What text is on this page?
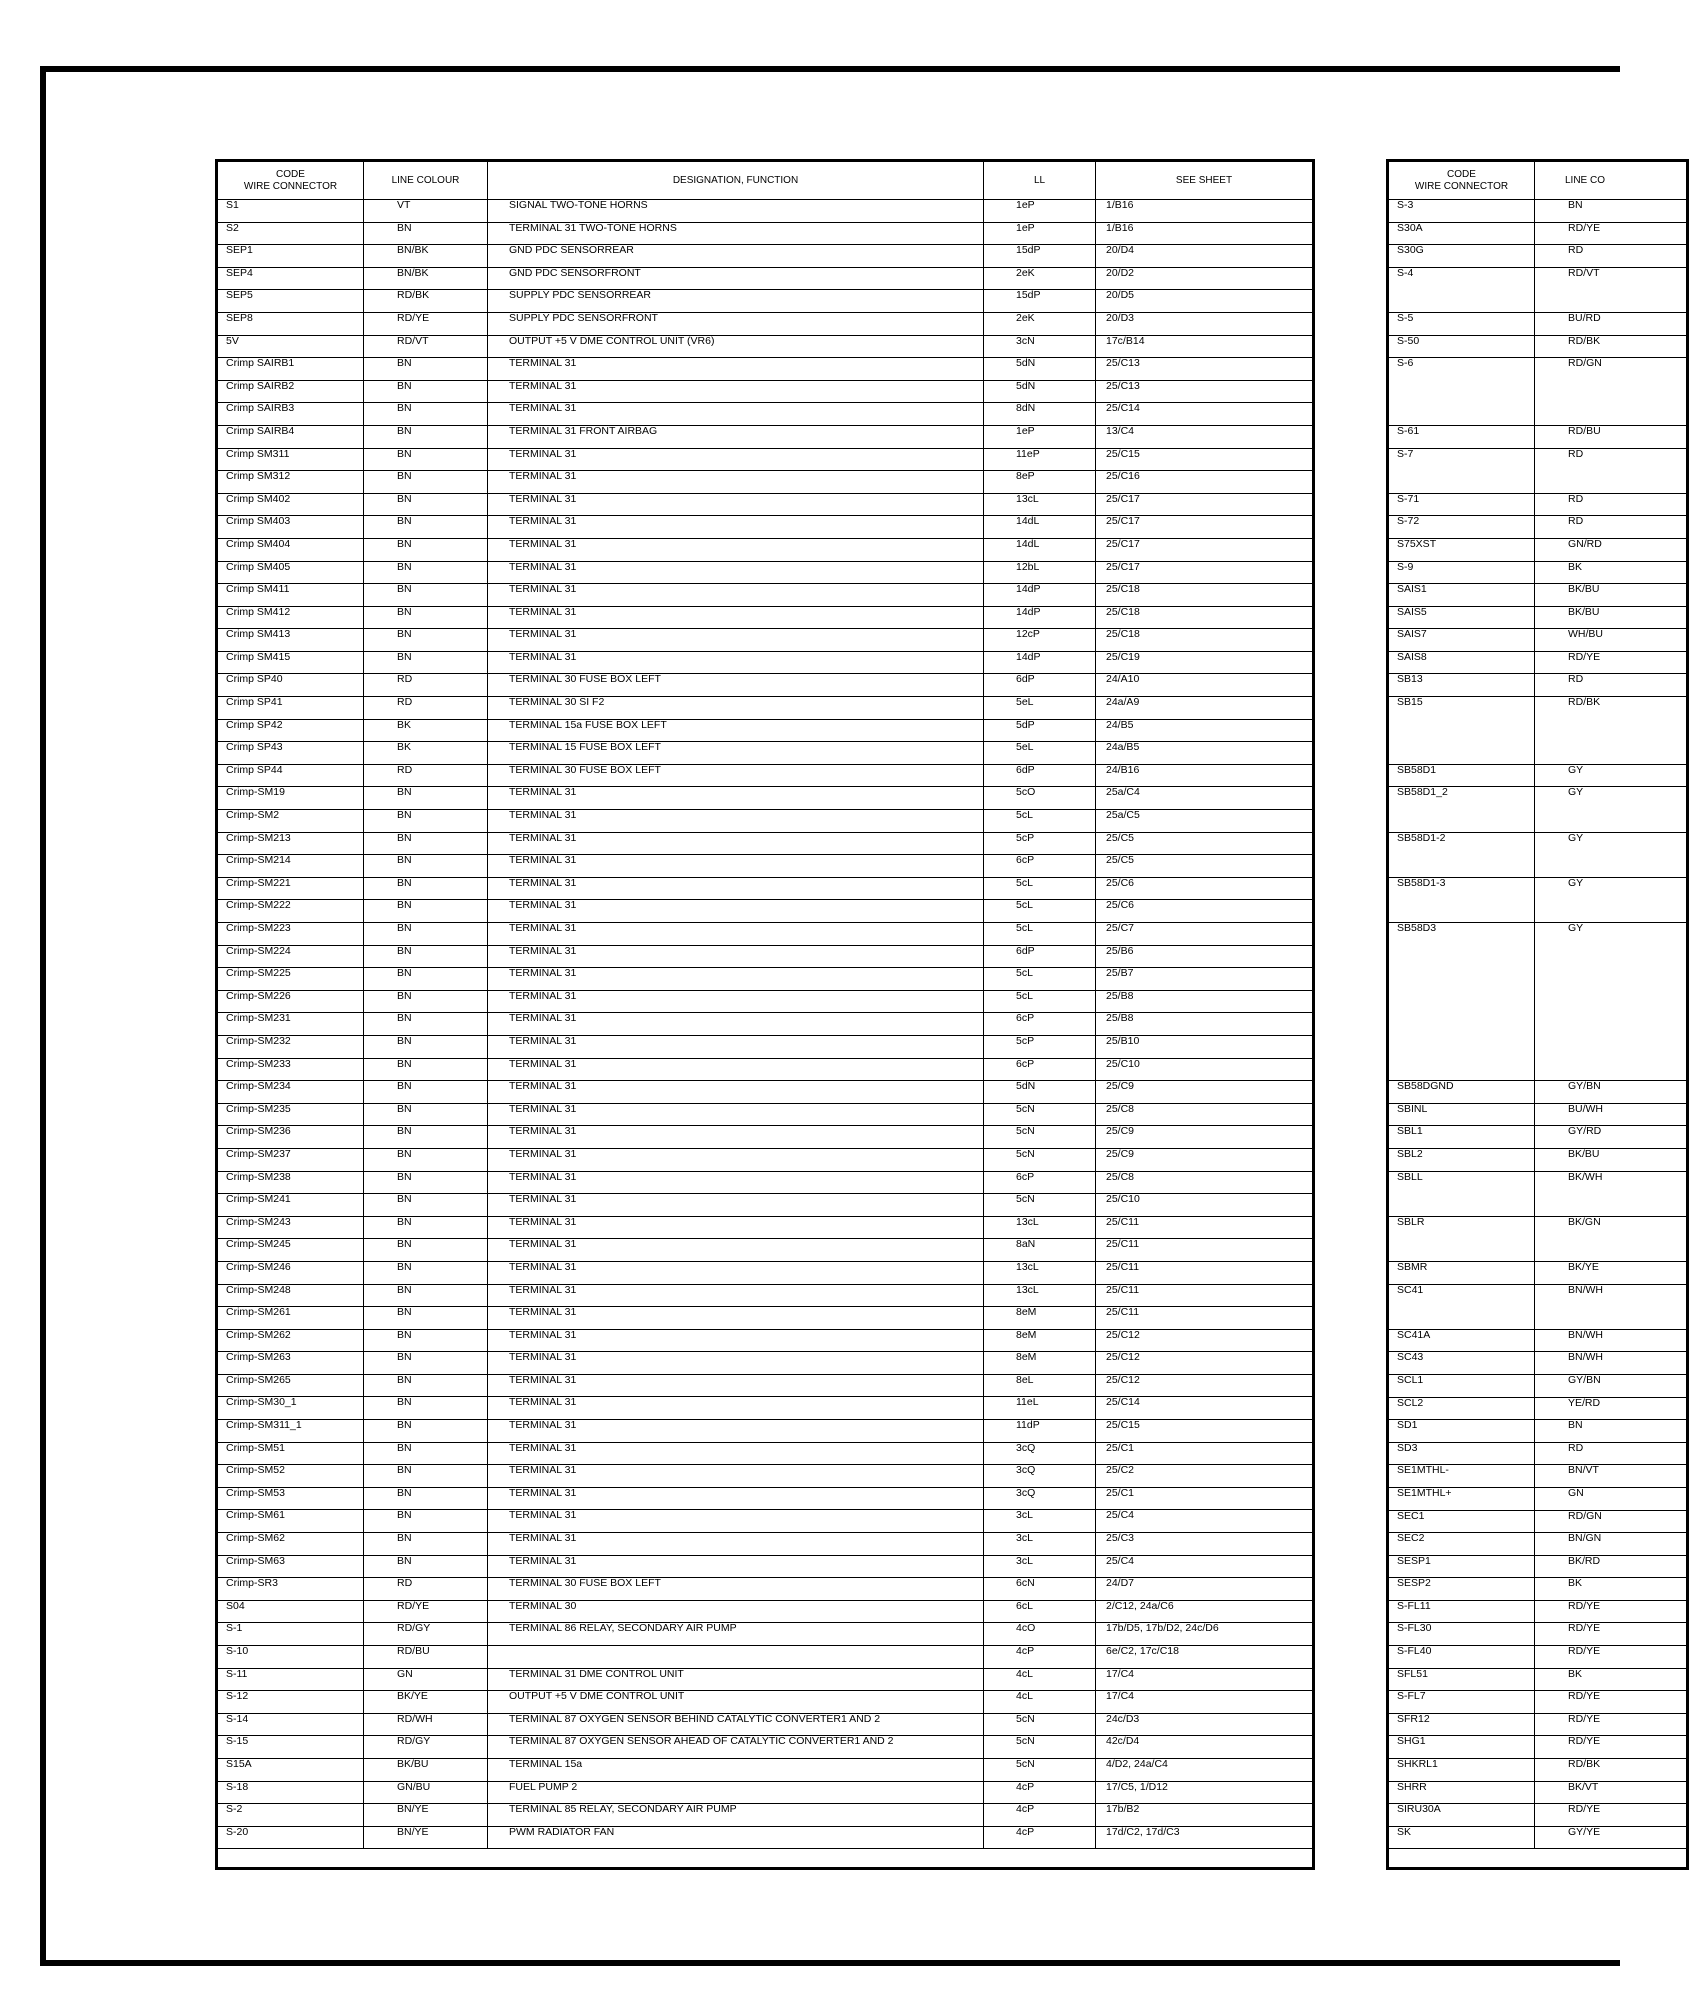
CODE
WIRE CONNECTOR	LINE COLOUR	DESIGNATION, FUNCTION	LL	SEE SHEET
S1	VT	SIGNAL TWO-TONE HORNS	1eP	1/B16
S2	BN	TERMINAL 31 TWO-TONE HORNS	1eP	1/B16
SEP1	BN/BK	GND PDC SENSORREAR	15dP	20/D4
SEP4	BN/BK	GND PDC SENSORFRONT	2eK	20/D2
SEP5	RD/BK	SUPPLY PDC SENSORREAR	15dP	20/D5
SEP8	RD/YE	SUPPLY PDC SENSORFRONT	2eK	20/D3
5V	RD/VT	OUTPUT +5 V DME CONTROL UNIT (VR6)	3cN	17c/B14
Crimp SAIRB1	BN	TERMINAL 31	5dN	25/C13
Crimp SAIRB2	BN	TERMINAL 31	5dN	25/C13
Crimp SAIRB3	BN	TERMINAL 31	8dN	25/C14
Crimp SAIRB4	BN	TERMINAL 31 FRONT AIRBAG	1eP	13/C4
Crimp SM311	BN	TERMINAL 31	11eP	25/C15
Crimp SM312	BN	TERMINAL 31	8eP	25/C16
Crimp SM402	BN	TERMINAL 31	13cL	25/C17
Crimp SM403	BN	TERMINAL 31	14dL	25/C17
Crimp SM404	BN	TERMINAL 31	14dL	25/C17
Crimp SM405	BN	TERMINAL 31	12bL	25/C17
Crimp SM411	BN	TERMINAL 31	14dP	25/C18
Crimp SM412	BN	TERMINAL 31	14dP	25/C18
Crimp SM413	BN	TERMINAL 31	12cP	25/C18
Crimp SM415	BN	TERMINAL 31	14dP	25/C19
Crimp SP40	RD	TERMINAL 30 FUSE BOX LEFT	6dP	24/A10
Crimp SP41	RD	TERMINAL 30 SI F2	5eL	24a/A9
Crimp SP42	BK	TERMINAL 15a FUSE BOX LEFT	5dP	24/B5
Crimp SP43	BK	TERMINAL 15 FUSE BOX LEFT	5eL	24a/B5
Crimp SP44	RD	TERMINAL 30 FUSE BOX LEFT	6dP	24/B16
Crimp-SM19	BN	TERMINAL 31	5cO	25a/C4
Crimp-SM2	BN	TERMINAL 31	5cL	25a/C5
Crimp-SM213	BN	TERMINAL 31	5cP	25/C5
Crimp-SM214	BN	TERMINAL 31	6cP	25/C5
Crimp-SM221	BN	TERMINAL 31	5cL	25/C6
Crimp-SM222	BN	TERMINAL 31	5cL	25/C6
Crimp-SM223	BN	TERMINAL 31	5cL	25/C7
Crimp-SM224	BN	TERMINAL 31	6dP	25/B6
Crimp-SM225	BN	TERMINAL 31	5cL	25/B7
Crimp-SM226	BN	TERMINAL 31	5cL	25/B8
Crimp-SM231	BN	TERMINAL 31	6cP	25/B8
Crimp-SM232	BN	TERMINAL 31	5cP	25/B10
Crimp-SM233	BN	TERMINAL 31	6cP	25/C10
Crimp-SM234	BN	TERMINAL 31	5dN	25/C9
Crimp-SM235	BN	TERMINAL 31	5cN	25/C8
Crimp-SM236	BN	TERMINAL 31	5cN	25/C9
Crimp-SM237	BN	TERMINAL 31	5cN	25/C9
Crimp-SM238	BN	TERMINAL 31	6cP	25/C8
Crimp-SM241	BN	TERMINAL 31	5cN	25/C10
Crimp-SM243	BN	TERMINAL 31	13cL	25/C11
Crimp-SM245	BN	TERMINAL 31	8aN	25/C11
Crimp-SM246	BN	TERMINAL 31	13cL	25/C11
Crimp-SM248	BN	TERMINAL 31	13cL	25/C11
Crimp-SM261	BN	TERMINAL 31	8eM	25/C11
Crimp-SM262	BN	TERMINAL 31	8eM	25/C12
Crimp-SM263	BN	TERMINAL 31	8eM	25/C12
Crimp-SM265	BN	TERMINAL 31	8eL	25/C12
Crimp-SM30_1	BN	TERMINAL 31	11eL	25/C14
Crimp-SM311_1	BN	TERMINAL 31	11dP	25/C15
Crimp-SM51	BN	TERMINAL 31	3cQ	25/C1
Crimp-SM52	BN	TERMINAL 31	3cQ	25/C2
Crimp-SM53	BN	TERMINAL 31	3cQ	25/C1
Crimp-SM61	BN	TERMINAL 31	3cL	25/C4
Crimp-SM62	BN	TERMINAL 31	3cL	25/C3
Crimp-SM63	BN	TERMINAL 31	3cL	25/C4
Crimp-SR3	RD	TERMINAL 30 FUSE BOX LEFT	6cN	24/D7
S04	RD/YE	TERMINAL 30	6cL	2/C12, 24a/C6
S-1	RD/GY	TERMINAL 86 RELAY, SECONDARY AIR PUMP	4cO	17b/D5, 17b/D2, 24c/D6
S-10	RD/BU		4cP	6e/C2, 17c/C18
S-11	GN	TERMINAL 31 DME CONTROL UNIT	4cL	17/C4
S-12	BK/YE	OUTPUT +5 V DME CONTROL UNIT	4cL	17/C4
S-14	RD/WH	TERMINAL 87 OXYGEN SENSOR BEHIND CATALYTIC CONVERTER1 AND 2	5cN	24c/D3
S-15	RD/GY	TERMINAL 87 OXYGEN SENSOR AHEAD OF CATALYTIC CONVERTER1 AND 2	5cN	42c/D4
S15A	BK/BU	TERMINAL 15a	5cN	4/D2, 24a/C4
S-18	GN/BU	FUEL PUMP 2	4cP	17/C5, 1/D12
S-2	BN/YE	TERMINAL 85 RELAY, SECONDARY AIR PUMP	4cP	17b/B2
S-20	BN/YE	PWM RADIATOR FAN	4cP	17d/C2, 17d/C3

CODE
WIRE CONNECTOR	LINE CO
S-3	BN
S30A	RD/YE
S30G	RD
S-4	RD/VT
S-5	BU/RD
S-50	RD/BK
S-6	RD/GN
S-61	RD/BU
S-7	RD
S-71	RD
S-72	RD
S75XST	GN/RD
S-9	BK
SAIS1	BK/BU
SAIS5	BK/BU
SAIS7	WH/BU
SAIS8	RD/YE
SB13	RD
SB15	RD/BK
SB58D1	GY
SB58D1_2	GY
SB58D1-2	GY
SB58D1-3	GY
SB58D3	GY
SB58DGND	GY/BN
SBINL	BU/WH
SBL1	GY/RD
SBL2	BK/BU
SBLL	BK/WH
SBLR	BK/GN
SBMR	BK/YE
SC41	BN/WH
SC41A	BN/WH
SC43	BN/WH
SCL1	GY/BN
SCL2	YE/RD
SD1	BN
SD3	RD
SE1MTHL-	BN/VT
SE1MTHL+	GN
SEC1	RD/GN
SEC2	BN/GN
SESP1	BK/RD
SESP2	BK
S-FL11	RD/YE
S-FL30	RD/YE
S-FL40	RD/YE
SFL51	BK
S-FL7	RD/YE
SFR12	RD/YE
SHG1	RD/YE
SHKRL1	RD/BK
SHRR	BK/VT
SIRU30A	RD/YE
SK	GY/YE
